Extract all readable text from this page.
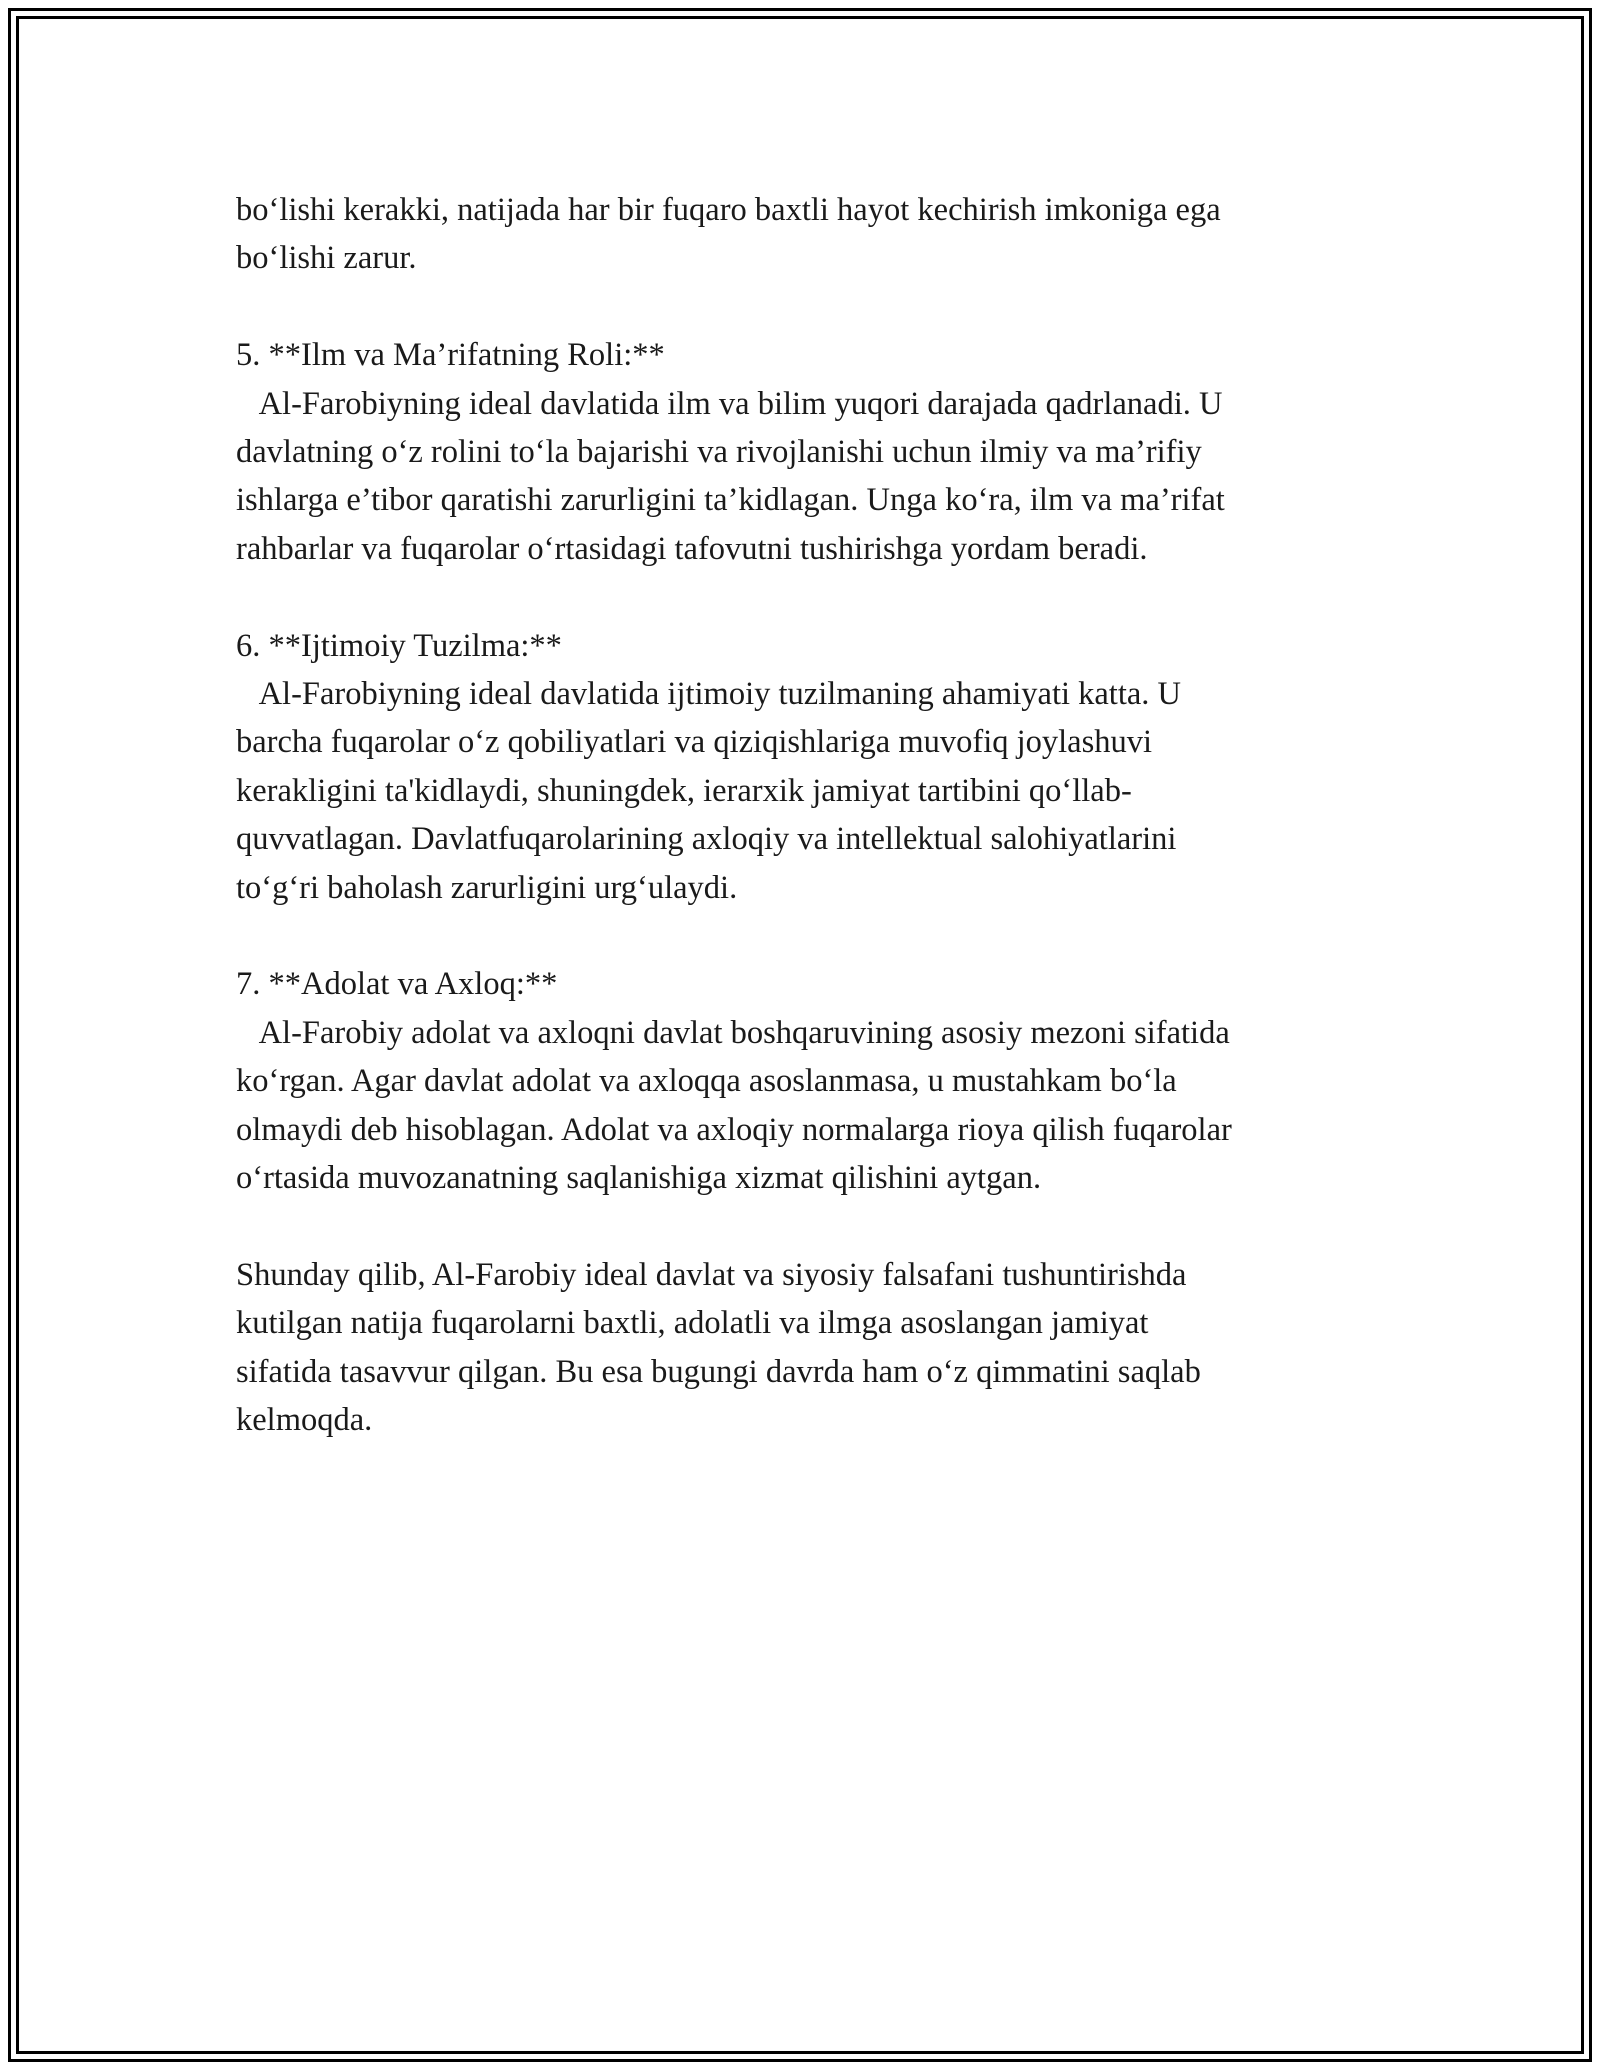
bo‘lishi kerakki, natijada har bir fuqaro baxtli hayot kechirish imkoniga ega
bo‘lishi zarur.
5. **Ilm va Ma’rifatning Roli:**
Al-Farobiyning ideal davlatida ilm va bilim yuqori darajada qadrlanadi. U
davlatning o‘z rolini to‘la bajarishi va rivojlanishi uchun ilmiy va ma’rifiy
ishlarga e’tibor qaratishi zarurligini ta’kidlagan. Unga ko‘ra, ilm va ma’rifat
rahbarlar va fuqarolar o‘rtasidagi tafovutni tushirishga yordam beradi.
6. **Ijtimoiy Tuzilma:**
Al-Farobiyning ideal davlatida ijtimoiy tuzilmaning ahamiyati katta. U
barcha fuqarolar o‘z qobiliyatlari va qiziqishlariga muvofiq joylashuvi
kerakligini ta'kidlaydi, shuningdek, ierarxik jamiyat tartibini qo‘llab-
quvvatlagan. Davlatfuqarolarining axloqiy va intellektual salohiyatlarini
to‘g‘ri baholash zarurligini urg‘ulaydi.
7. **Adolat va Axloq:**
Al-Farobiy adolat va axloqni davlat boshqaruvining asosiy mezoni sifatida
ko‘rgan. Agar davlat adolat va axloqqa asoslanmasa, u mustahkam bo‘la
olmaydi deb hisoblagan. Adolat va axloqiy normalarga rioya qilish fuqarolar
o‘rtasida muvozanatning saqlanishiga xizmat qilishini aytgan.
Shunday qilib, Al-Farobiy ideal davlat va siyosiy falsafani tushuntirishda
kutilgan natija fuqarolarni baxtli, adolatli va ilmga asoslangan jamiyat
sifatida tasavvur qilgan. Bu esa bugungi davrda ham o‘z qimmatini saqlab
kelmoqda.
